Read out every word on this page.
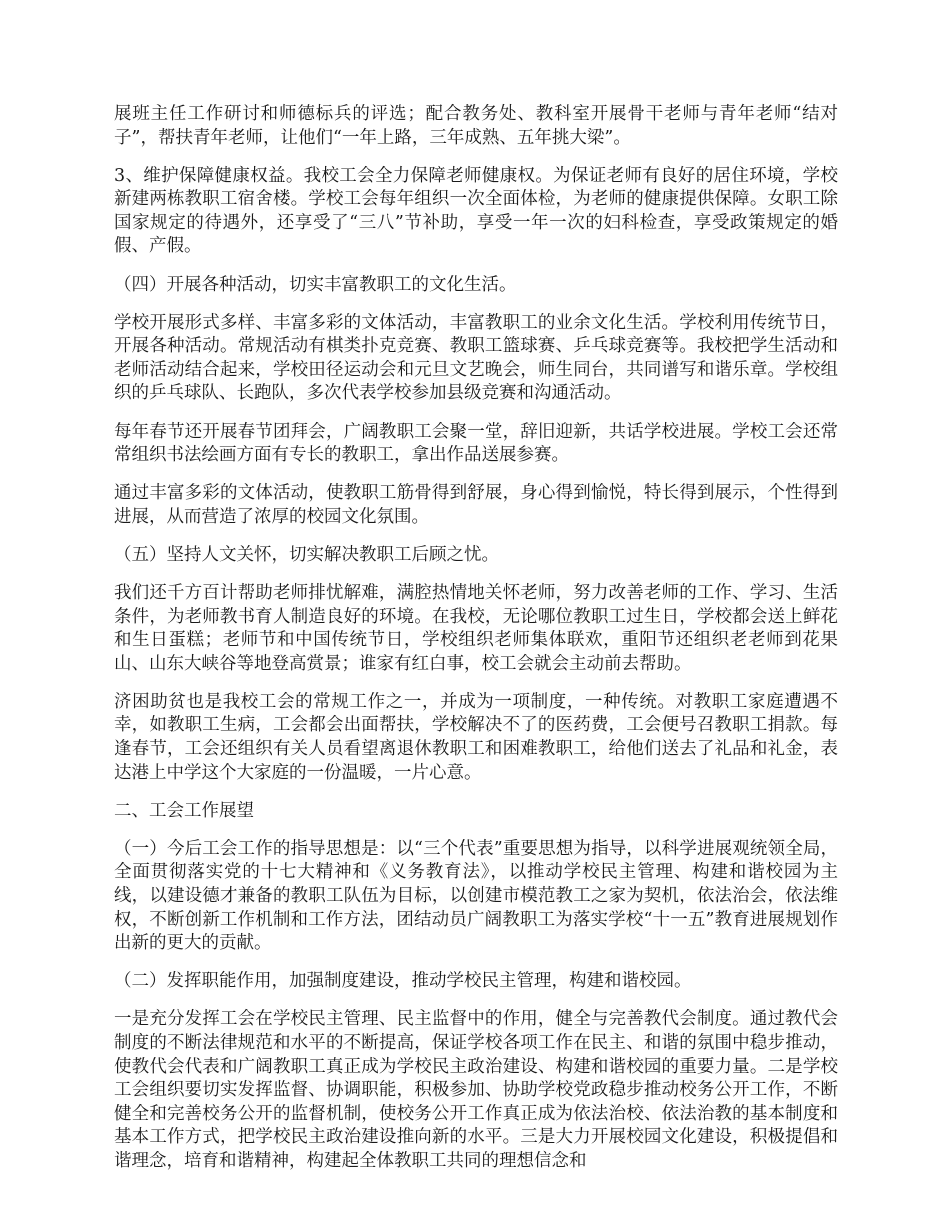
展班主任工作研讨和师德标兵的评选；配合教务处、教科室开展骨干老师与青年老师“结对子”，帮扶青年老师，让他们“一年上路，三年成熟、五年挑大梁”。

3、维护保障健康权益。我校工会全力保障老师健康权。为保证老师有良好的居住环境，学校新建两栋教职工宿舍楼。学校工会每年组织一次全面体检，为老师的健康提供保障。女职工除国家规定的待遇外，还享受了“三八”节补助，享受一年一次的妇科检查，享受政策规定的婚假、产假。

（四）开展各种活动，切实丰富教职工的文化生活。

学校开展形式多样、丰富多彩的文体活动，丰富教职工的业余文化生活。学校利用传统节日，开展各种活动。常规活动有棋类扑克竞赛、教职工篮球赛、乒乓球竞赛等。我校把学生活动和老师活动结合起来，学校田径运动会和元旦文艺晚会，师生同台，共同谱写和谐乐章。学校组织的乒乓球队、长跑队，多次代表学校参加县级竞赛和沟通活动。

每年春节还开展春节团拜会，广阔教职工会聚一堂，辞旧迎新，共话学校进展。学校工会还常常组织书法绘画方面有专长的教职工，拿出作品送展参赛。

通过丰富多彩的文体活动，使教职工筋骨得到舒展，身心得到愉悦，特长得到展示，个性得到进展，从而营造了浓厚的校园文化氛围。

（五）坚持人文关怀，切实解决教职工后顾之忧。

我们还千方百计帮助老师排忧解难，满腔热情地关怀老师，努力改善老师的工作、学习、生活条件，为老师教书育人制造良好的环境。在我校，无论哪位教职工过生日，学校都会送上鲜花和生日蛋糕；老师节和中国传统节日，学校组织老师集体联欢，重阳节还组织老老师到花果山、山东大峡谷等地登高赏景；谁家有红白事，校工会就会主动前去帮助。

济困助贫也是我校工会的常规工作之一，并成为一项制度，一种传统。对教职工家庭遭遇不幸，如教职工生病，工会都会出面帮扶，学校解决不了的医药费，工会便号召教职工捐款。每逢春节，工会还组织有关人员看望离退休教职工和困难教职工，给他们送去了礼品和礼金，表达港上中学这个大家庭的一份温暖，一片心意。

二、工会工作展望

（一）今后工会工作的指导思想是：以“三个代表”重要思想为指导，以科学进展观统领全局，全面贯彻落实党的十七大精神和《义务教育法》，以推动学校民主管理、构建和谐校园为主线，以建设德才兼备的教职工队伍为目标，以创建市模范教工之家为契机，依法治会，依法维权，不断创新工作机制和工作方法，团结动员广阔教职工为落实学校“十一五”教育进展规划作出新的更大的贡献。

（二）发挥职能作用，加强制度建设，推动学校民主管理，构建和谐校园。

一是充分发挥工会在学校民主管理、民主监督中的作用，健全与完善教代会制度。通过教代会制度的不断法律规范和水平的不断提高，保证学校各项工作在民主、和谐的氛围中稳步推动，使教代会代表和广阔教职工真正成为学校民主政治建设、构建和谐校园的重要力量。二是学校工会组织要切实发挥监督、协调职能，积极参加、协助学校党政稳步推动校务公开工作，不断健全和完善校务公开的监督机制，使校务公开工作真正成为依法治校、依法治教的基本制度和基本工作方式，把学校民主政治建设推向新的水平。三是大力开展校园文化建设，积极提倡和谐理念，培育和谐精神，构建起全体教职工共同的理想信念和
